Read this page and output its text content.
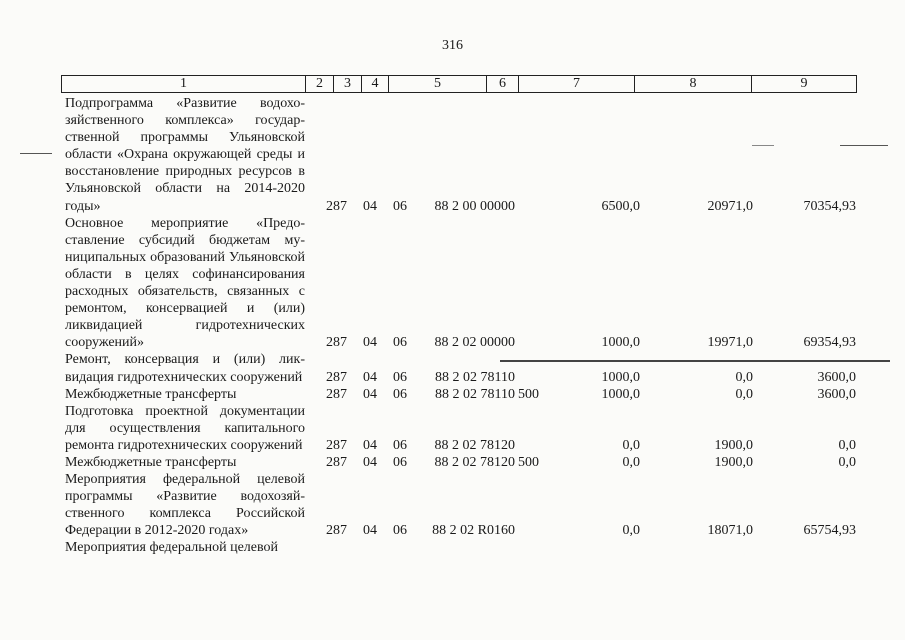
316
1	2	3	4	5	6	7	8	9
Подпрограмма «Развитие водохозяйственного комплекса» государственной программы Ульяновской области «Охрана окружающей среды и восстановление природных ресурсов в Ульяновской области на 2014-2020 годы»	287	04	06	88 2 00 00000	6500,0	20971,0	70354,93
Основное мероприятие «Предоставление субсидий бюджетам муниципальных образований Ульяновской области в целях софинансирования расходных обязательств, связанных с ремонтом, консервацией и (или) ликвидацией гидротехнических сооружений»	287	04	06	88 2 02 00000	1000,0	19971,0	69354,93
Ремонт, консервация и (или) ликвидация гидротехнических сооружений	287	04	06	88 2 02 78110	1000,0	0,0	3600,0
Межбюджетные трансферты	287	04	06	88 2 02 78110 500	1000,0	0,0	3600,0
Подготовка проектной документации для осуществления капитального ремонта гидротехнических сооружений	287	04	06	88 2 02 78120	0,0	1900,0	0,0
Межбюджетные трансферты	287	04	06	88 2 02 78120 500	0,0	1900,0	0,0
Мероприятия федеральной целевой программы «Развитие водохозяйственного комплекса Российской Федерации в 2012-2020 годах»	287	04	06	88 2 02 R0160	0,0	18071,0	65754,93
Мероприятия федеральной целевой
